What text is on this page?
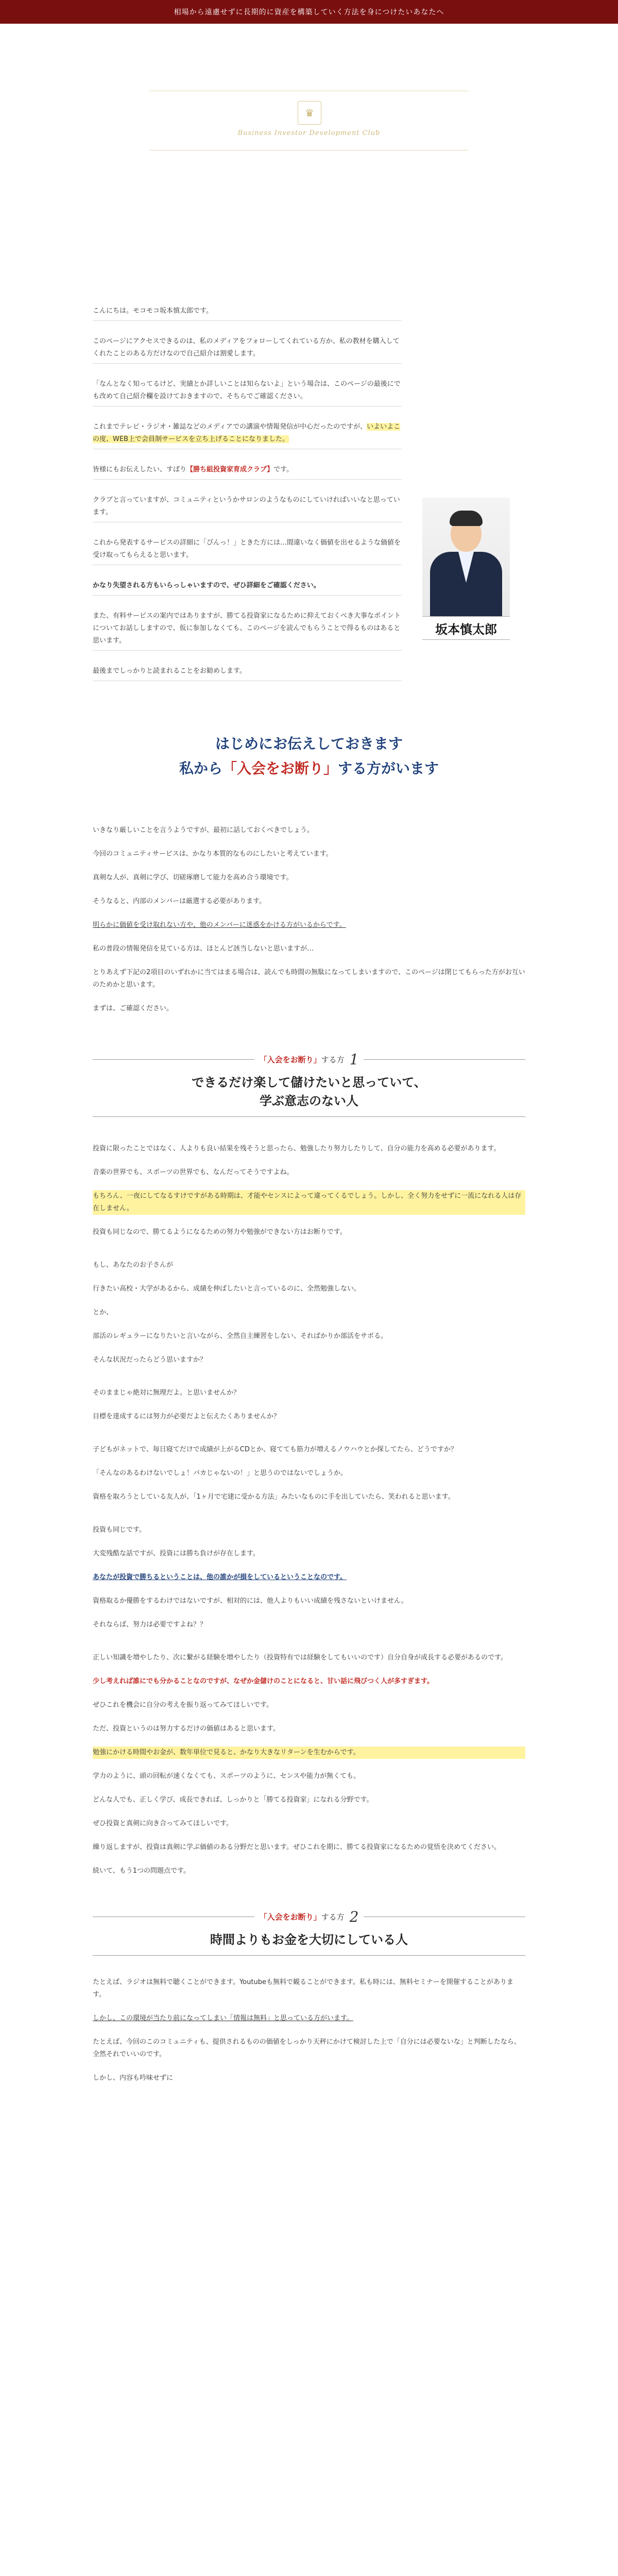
相場から遠慮せずに長期的に資産を構築していく方法を身につけたいあなたへ
♛
Business Investor Development Club

こんにちは。モコモコ坂本慎太郎です。

このページにアクセスできるのは、私のメディアをフォローしてくれている方か、私の教材を購入してくれたことのある方だけなので自己紹介は割愛します。

「なんとなく知ってるけど、実績とか詳しいことは知らないよ」という場合は、このページの最後にでも改めて自己紹介欄を設けておきますので、そちらでご確認ください。

これまでテレビ・ラジオ・雑誌などのメディアでの講演や情報発信が中心だったのですが、いよいよこの度、WEB上で会員制サービスを立ち上げることになりました。

皆様にもお伝えしたい、すばり【勝ち組投資家育成クラブ】です。

クラブと言っていますが、コミュニティというかサロンのようなものにしていければいいなと思っています。

これから発表するサービスの詳細に「ぴんっ！」ときた方には…間違いなく価値を出せるような価値を受け取ってもらえると思います。

かなり失望される方もいらっしゃいますので、ぜひ詳細をご確認ください。

また、有料サービスの案内ではありますが、勝てる投資家になるために抑えておくべき大事なポイントについてお話ししますので、仮に参加しなくても、このページを読んでもらうことで得るものはあると思います。

最後までしっかりと読まれることをお勧めします。

坂本慎太郎

はじめにお伝えしておきます

私から「入会をお断り」する方がいます

いきなり厳しいことを言うようですが、最初に話しておくべきでしょう。

今回のコミュニティサービスは、かなり本質的なものにしたいと考えています。

真剣な人が、真剣に学び、切磋琢磨して能力を高め合う環境です。

そうなると、内部のメンバーは厳選する必要があります。

明らかに価値を受け取れない方や、他のメンバーに迷惑をかける方がいるからです。

私の普段の情報発信を見ている方は、ほとんど該当しないと思いますが…

とりあえず下記の2項目のいずれかに当てはまる場合は、読んでも時間の無駄になってしまいますので、このページは閉じてもらった方がお互いのためかと思います。

まずは、ご確認ください。

「入会をお断り」する方 1

できるだけ楽して儲けたいと思っていて、

学ぶ意志のない人

投資に限ったことではなく、人よりも良い結果を残そうと思ったら、勉強したり努力したりして、自分の能力を高める必要があります。

音楽の世界でも、スポーツの世界でも、なんだってそうですよね。

もちろん、一夜にしてなるすけですがある時期は、才能やセンスによって違ってくるでしょう。しかし、全く努力をせずに一流になれる人は存在しません。

投資も同じなので、勝てるようになるための努力や勉強ができない方はお断りです。

もし、あなたのお子さんが

行きたい高校・大学があるから、成績を伸ばしたいと言っているのに、全然勉強しない。

とか、

部活のレギュラーになりたいと言いながら、全然自主練習をしない、そればかりか部活をサボる。

そんな状況だったらどう思いますか？

そのままじゃ絶対に無理だよ。と思いませんか？

目標を達成するには努力が必要だよと伝えたくありませんか？

子どもがネットで、毎日寝てだけで成績が上がるCDとか、寝てても筋力が増えるノウハウとか探してたら、どうですか？

「そんなのあるわけないでしょ！バカじゃないの！」と思うのではないでしょうか。

資格を取ろうとしている友人が、「1ヶ月で宅建に受かる方法」みたいなものに手を出していたら、笑われると思います。

投資も同じです。

大変残酷な話ですが、投資には勝ち負けが存在します。

あなたが投資で勝ちるということは、他の誰かが損をしているということなのです。

資格取るか優勝をするわけではないですが、相対的には、他人よりもいい成績を残さないといけません。

それならば、努力は必要ですよね？？

正しい知識を増やしたり、次に繋がる経験を増やしたり（投資特有では経験をしてもいいのです）自分自身が成長する必要があるのです。

少し考えれば誰にでも分かることなのですが、なぜか金儲けのことになると、甘い話に飛びつく人が多すぎます。

ぜひこれを機会に自分の考えを振り返ってみてほしいです。

ただ、投資というのは努力するだけの価値はあると思います。

勉強にかける時間やお金が、数年単位で見ると、かなり大きなリターンを生むからです。

学力のように、頭の回転が速くなくても、スポーツのように、センスや能力が無くても。

どんな人でも、正しく学び、成長できれば、しっかりと「勝てる投資家」になれる分野です。

ぜひ投資と真剣に向き合ってみてほしいです。

繰り返しますが、投資は真剣に学ぶ価値のある分野だと思います。ぜひこれを期に、勝てる投資家になるための覚悟を決めてください。

続いて、もう1つの問題点です。

「入会をお断り」する方 2

時間よりもお金を大切にしている人

たとえば、ラジオは無料で聴くことができます。Youtubeも無料で観ることができます。私も時には、無料セミナーを開催することがあります。

しかし、この環境が当たり前になってしまい「情報は無料」と思っている方がいます。

たとえば、今回のこのコミュニティも、提供されるものの価値をしっかり天秤にかけて検討した上で「自分には必要ないな」と判断したなら、全然それでいいのです。

しかし、内容も吟味せずに
